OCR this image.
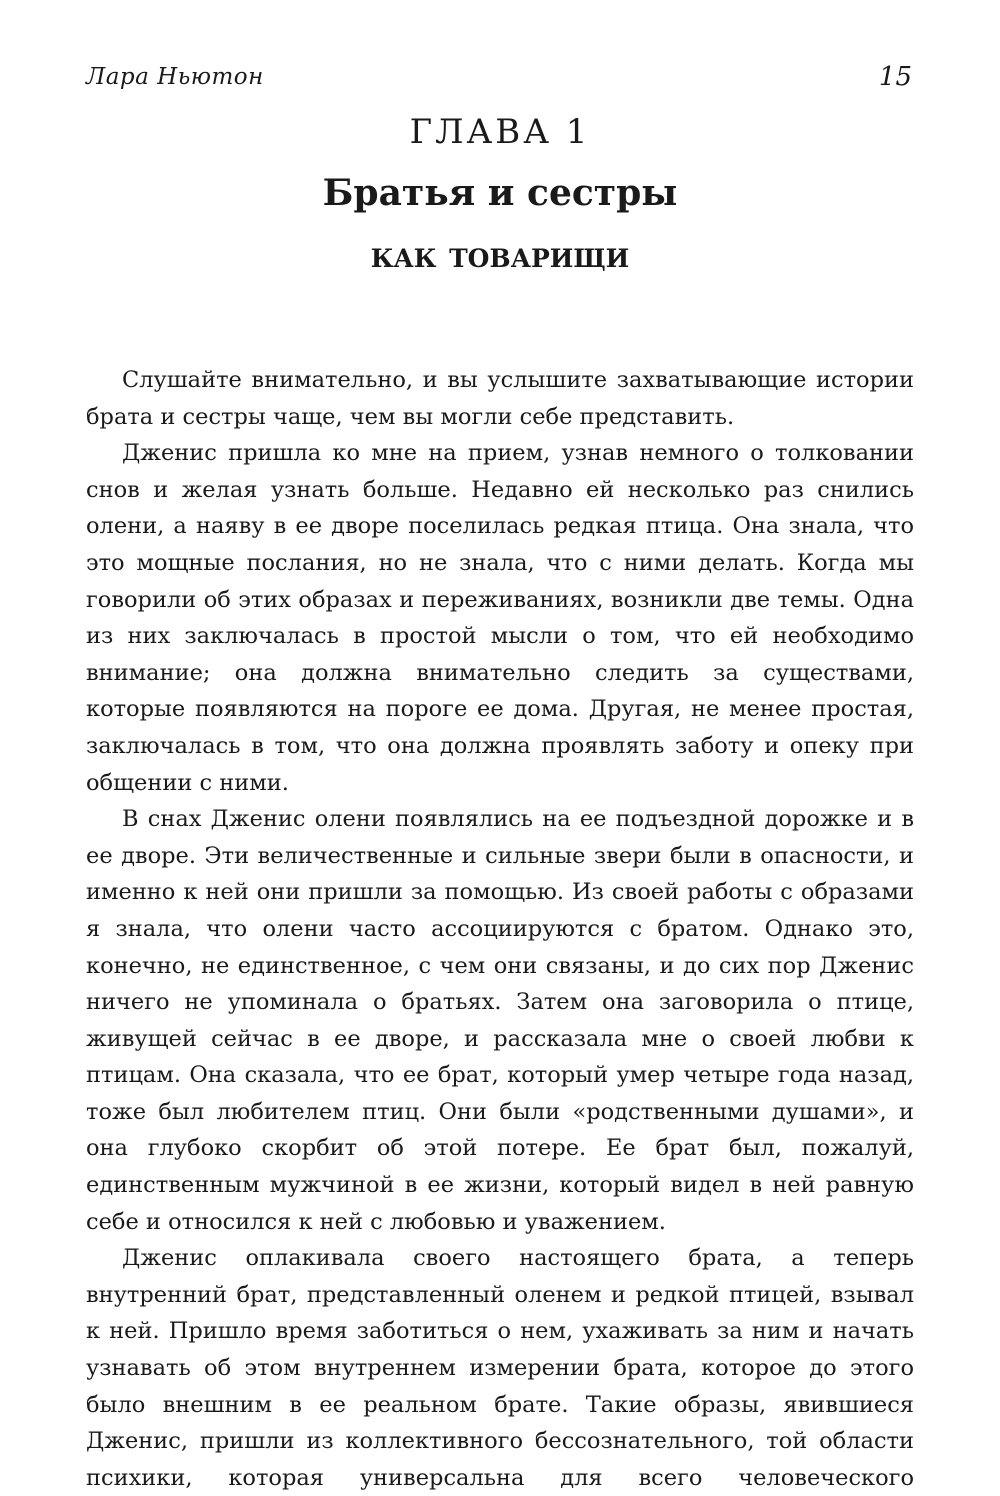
Лара Ньютон	15
ГЛАВА 1
Братья и сестры
как товарищи

Слушайте внимательно, и вы услышите захватывающие истории брата и сестры чаще, чем вы могли себе представить.

Дженис пришла ко мне на прием, узнав немного о толковании снов и желая узнать больше. Недавно ей несколько раз снились олени, а наяву в ее дворе поселилась редкая птица. Она знала, что это мощные послания, но не знала, что с ними делать. Когда мы говорили об этих образах и переживаниях, возникли две темы. Одна из них заключалась в простой мысли о том, что ей необходимо внимание; она должна внимательно следить за существами, которые появляются на пороге ее дома. Другая, не менее простая, заключалась в том, что она должна проявлять заботу и опеку при общении с ними.

В снах Дженис олени появлялись на ее подъездной дорожке и в ее дворе. Эти величественные и сильные звери были в опасности, и именно к ней они пришли за помощью. Из своей работы с образами я знала, что олени часто ассоциируются с братом. Однако это, конечно, не единственное, с чем они связаны, и до сих пор Дженис ничего не упоминала о братьях. Затем она заговорила о птице, живущей сейчас в ее дворе, и рассказала мне о своей любви к птицам. Она сказала, что ее брат, который умер четыре года назад, тоже был любителем птиц. Они были «родственными душами», и она глубоко скорбит об этой потере. Ее брат был, пожалуй, единственным мужчиной в ее жизни, который видел в ней равную себе и относился к ней с любовью и уважением.

Дженис оплакивала своего настоящего брата, а теперь внутренний брат, представленный оленем и редкой птицей, взывал к ней. Пришло время заботиться о нем, ухаживать за ним и начать узнавать об этом внутреннем измерении брата, которое до этого было внешним в ее реальном брате. Такие образы, явившиеся Дженис, пришли из коллективного бессознательного, той области психики, которая универсальна для всего человеческого
